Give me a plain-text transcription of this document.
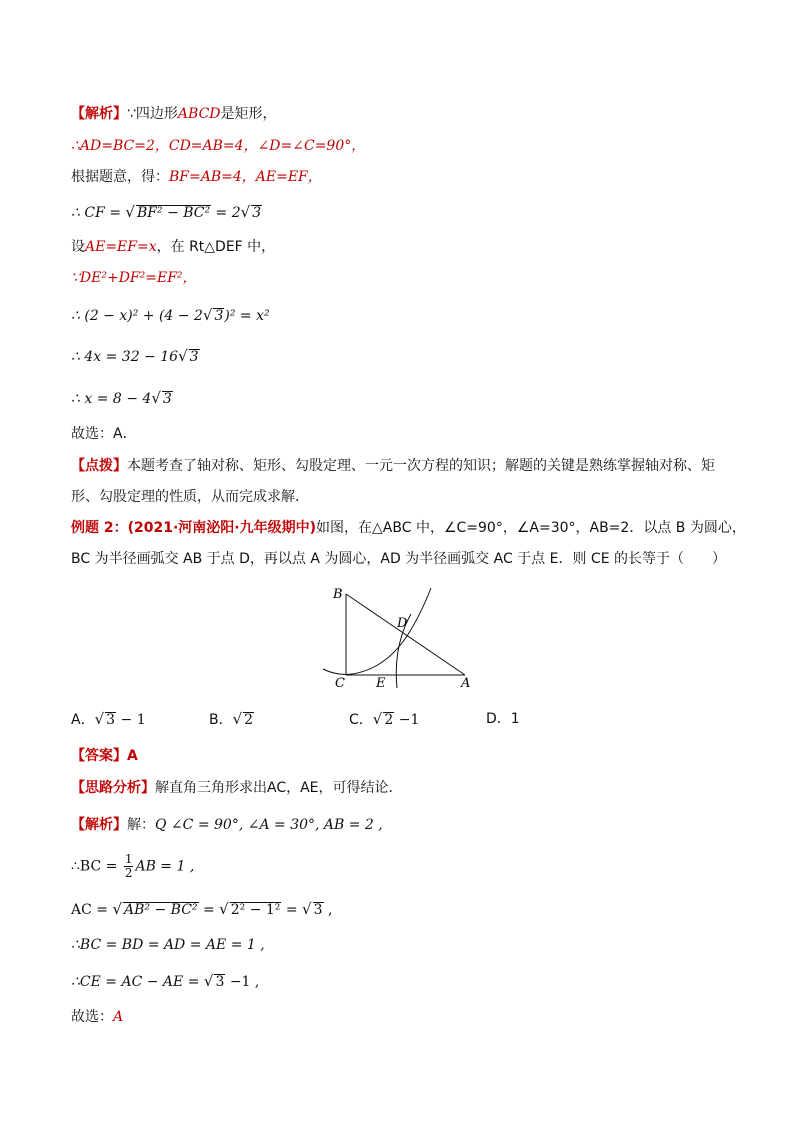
【解析】∵四边形ABCD是矩形，
∴AD=BC=2，CD=AB=4，∠D=∠C=90°，
根据题意，得：BF=AB=4，AE=EF，
∴ CF = √ BF² − BC² = 2√ 3
设AE=EF=x，在 Rt△DEF 中，
∵DE²+DF²=EF²，
∴ (2 − x)² + (4 − 2√ 3)² = x²
∴ 4x = 32 − 16√ 3
∴ x = 8 − 4√ 3
故选：A．
【点拨】本题考查了轴对称、矩形、勾股定理、一元一次方程的知识；解题的关键是熟练掌握轴对称、矩
形、勾股定理的性质，从而完成求解．
例题 2：(2021·河南泌阳·九年级期中)如图，在△ABC 中，∠C=90°，∠A=30°，AB=2．以点 B 为圆心，
BC 为半径画弧交 AB 于点 D，再以点 A 为圆心，AD 为半径画弧交 AC 于点 E．则 CE 的长等于（　　）
B
D
C E	A
A．√ 3 − 1	B．√ 2	C．√ 2 −1	D．1
【答案】A
【思路分析】解直角三角形求出AC，AE，可得结论．
【解析】解：Q ∠C = 90°, ∠A = 30°, AB = 2 ,
∴BC = $\frac{1}{2}$ AB = 1 ,
AC = √ AB² − BC² = √ 2² − 1² = √ 3 ,
∴BC = BD = AD = AE = 1 ,
∴CE = AC − AE = √ 3 −1 ,
故选：A
